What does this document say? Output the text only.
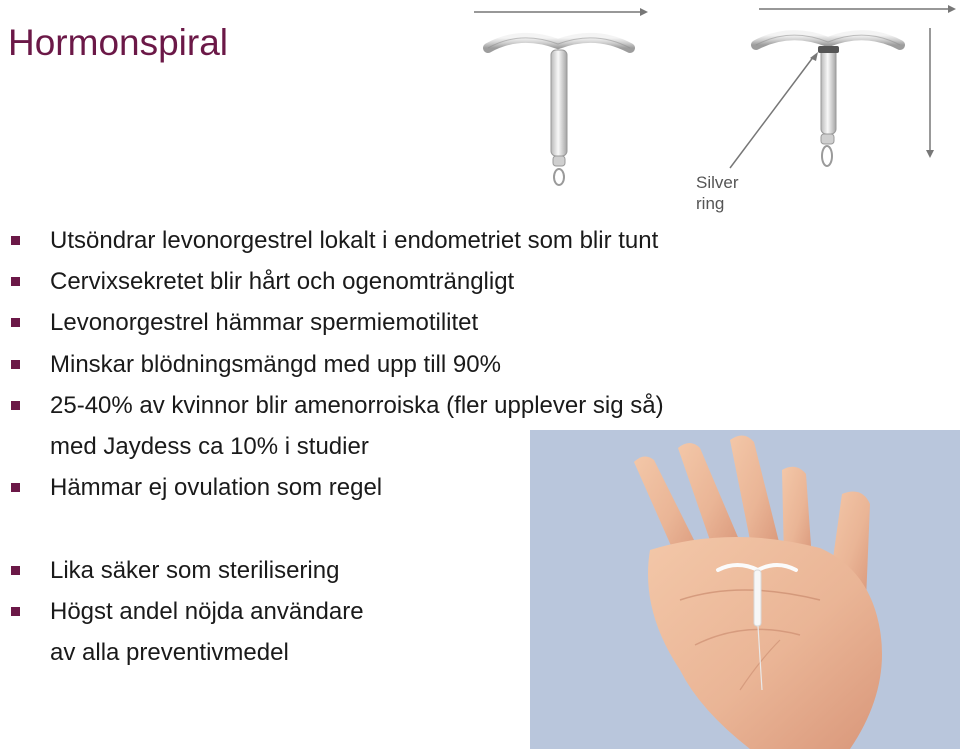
Hormonspiral
Utsöndrar levonorgestrel lokalt i endometriet som blir tunt
Cervixsekretet blir hårt och ogenomträngligt
Levonorgestrel hämmar spermiemotilitet
Minskar blödningsmängd med upp till 90%
25-40% av kvinnor blir amenorroiska (fler upplever sig så)
med Jaydess ca 10% i studier
Hämmar ej ovulation som regel
Lika säker som sterilisering
Högst andel nöjda användare
av alla preventivmedel
Silver
ring
